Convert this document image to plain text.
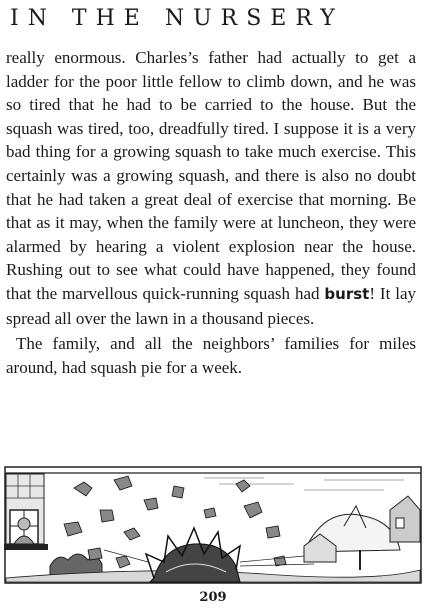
IN THE NURSERY

really enormous. Charles’s father had actually to get a ladder for the poor little fellow to climb down, and he was so tired that he had to be carried to the house. But the squash was tired, too, dreadfully tired. I suppose it is a very bad thing for a growing squash to take much exercise. This certainly was a growing squash, and there is also no doubt that he had taken a great deal of exercise that morning. Be that as it may, when the family were at luncheon, they were alarmed by hearing a violent explosion near the house. Rushing out to see what could have happened, they found that the marvellous quick-running squash had burst! It lay spread all over the lawn in a thousand pieces.

The family, and all the neighbors’ families for miles around, had squash pie for a week.

209
